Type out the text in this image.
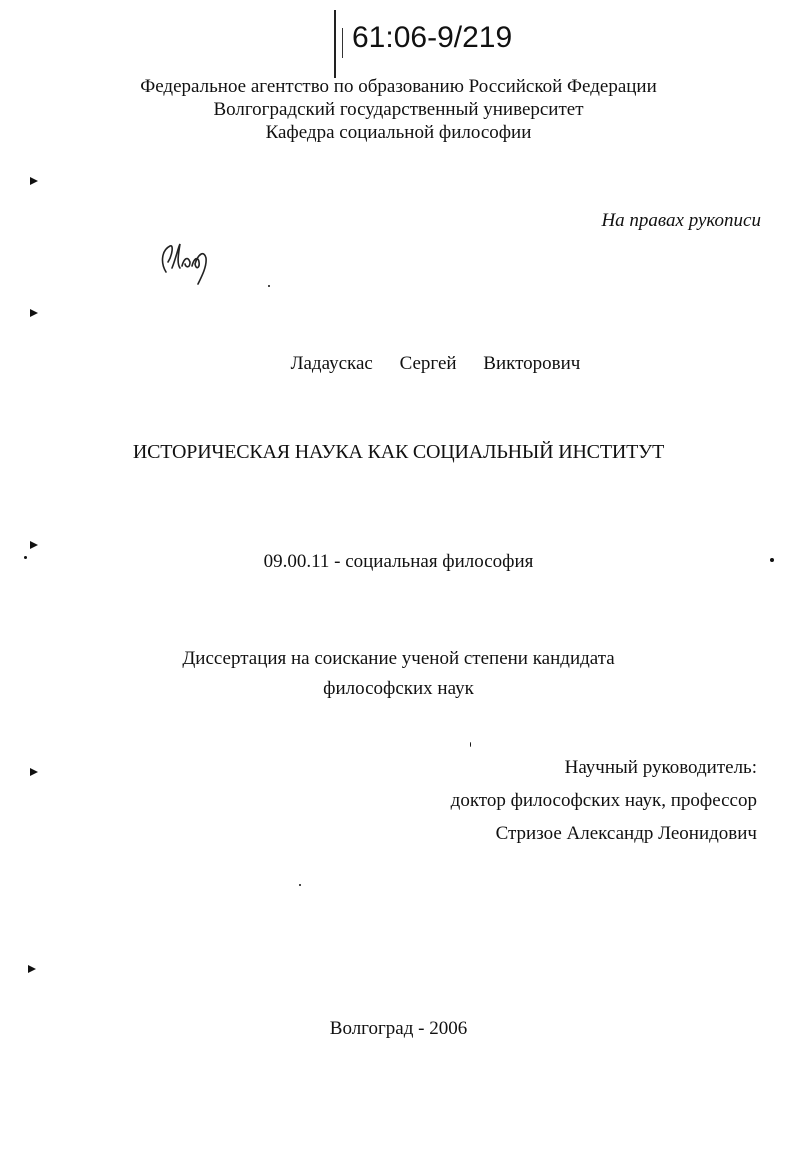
61:06-9/219
Федеральное агентство по образованию Российской Федерации
Волгоградский государственный университет
Кафедра социальной философии
На правах рукописи
Ладаускас Сергей Викторович
ИСТОРИЧЕСКАЯ НАУКА КАК СОЦИАЛЬНЫЙ ИНСТИТУТ
09.00.11 - социальная философия
Диссертация на соискание ученой степени кандидата
философских наук
Научный руководитель:
доктор философских наук, профессор
Стризое Александр Леонидович
Волгоград - 2006
